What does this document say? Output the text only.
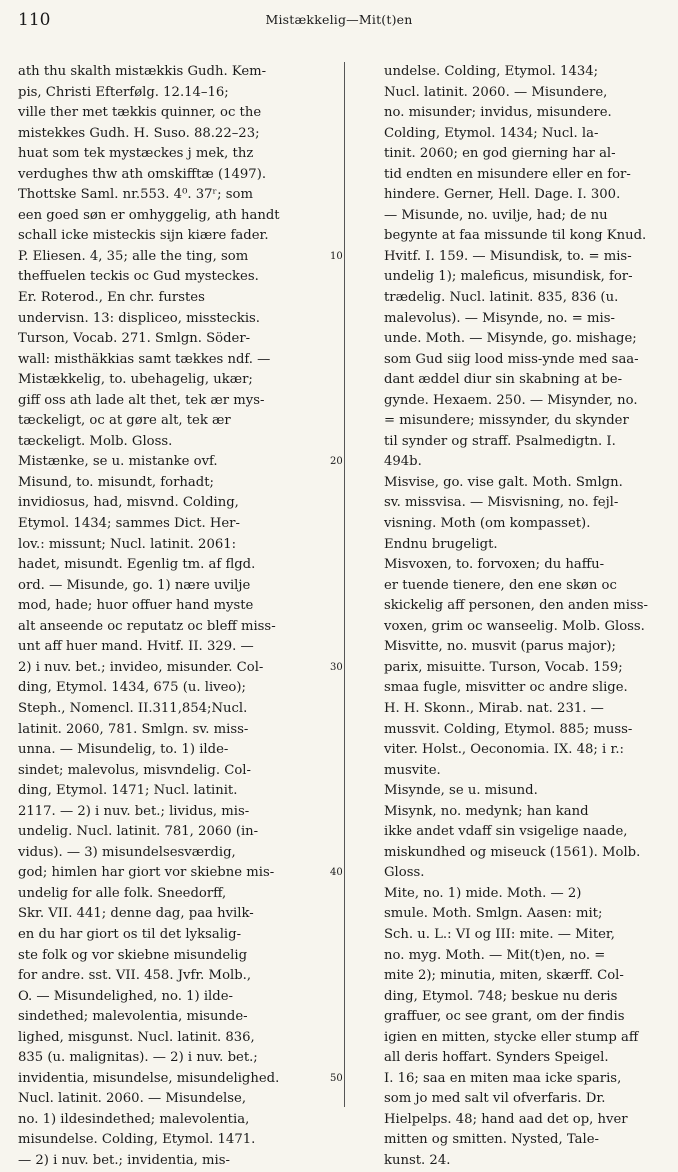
110	Mistækkelig—Mit(t)en
ath thu skalth mistækkis Gudh. Kem-
pis, Christi Efterfølg. 12.14–16;
ville ther met tækkis quinner, oc the
mistekkes Gudh. H. Suso. 88.22–23;
huat som tek mystæckes j mek, thz
verdughes thw ath omskifftæ (1497).
Thottske Saml. nr.553. 4⁰. 37ʳ; som
een goed søn er omhyggelig, ath handt
schall icke misteckis sijn kiære fader.
P. Eliesen. 4, 35; alle the ting, som
theffuelen teckis oc Gud mysteckes.
Er. Roterod., En chr. furstes
undervisn. 13: displiceo, missteckis.
Turson, Vocab. 271. Smlgn. Söder-
wall: misthäkkias samt tækkes ndf. —
Mistækkelig, to. ubehagelig, ukær;
giff oss ath lade alt thet, tek ær mys-
tæckeligt, oc at gøre alt, tek ær
tæckeligt. Molb. Gloss.
Mistænke, se u. mistanke ovf.
Misund, to. misundt, forhadt;
invidiosus, had, misvnd. Colding,
Etymol. 1434; sammes Dict. Her-
lov.: missunt; Nucl. latinit. 2061:
hadet, misundt. Egenlig tm. af flgd.
ord. — Misunde, go. 1) nære uvilje
mod, hade; huor offuer hand myste
alt anseende oc reputatz oc bleff miss-
unt aff huer mand. Hvitf. II. 329. —
2) i nuv. bet.; invideo, misunder. Col-
ding, Etymol. 1434, 675 (u. liveo);
Steph., Nomencl. II.311,854;Nucl.
latinit. 2060, 781. Smlgn. sv. miss-
unna. — Misundelig, to. 1) ilde-
sindet; malevolus, misvndelig. Col-
ding, Etymol. 1471; Nucl. latinit.
2117. — 2) i nuv. bet.; lividus, mis-
undelig. Nucl. latinit. 781, 2060 (in-
vidus). — 3) misundelsesværdig,
god; himlen har giort vor skiebne mis-
undelig for alle folk. Sneedorff,
Skr. VII. 441; denne dag, paa hvilk-
en du har giort os til det lyksalig-
ste folk og vor skiebne misundelig
for andre. sst. VII. 458. Jvfr. Molb.,
O. — Misundelighed, no. 1) ilde-
sindethed; malevolentia, misunde-
lighed, misgunst. Nucl. latinit. 836,
835 (u. malignitas). — 2) i nuv. bet.;
invidentia, misundelse, misundelighed.
Nucl. latinit. 2060. — Misundelse,
no. 1) ildesindethed; malevolentia,
misundelse. Colding, Etymol. 1471.
— 2) i nuv. bet.; invidentia, mis-
undelse. Colding, Etymol. 1434;
Nucl. latinit. 2060. — Misundere,
no. misunder; invidus, misundere.
Colding, Etymol. 1434; Nucl. la-
tinit. 2060; en god gierning har al-
tid endten en misundere eller en for-
hindere. Gerner, Hell. Dage. I. 300.
— Misunde, no. uvilje, had; de nu
begynte at faa missunde til kong Knud.
Hvitf. I. 159. — Misundisk, to. = mis-
undelig 1); maleficus, misundisk, for-
trædelig. Nucl. latinit. 835, 836 (u.
malevolus). — Misynde, no. = mis-
unde. Moth. — Misynde, go. mishage;
som Gud siig lood miss-ynde med saa-
dant æddel diur sin skabning at be-
gynde. Hexaem. 250. — Misynder, no.
= misundere; missynder, du skynder
til synder og straff. Psalmedigtn. I.
494b.
Misvise, go. vise galt. Moth. Smlgn.
sv. missvisa. — Misvisning, no. fejl-
visning. Moth (om kompasset).
Endnu brugeligt.
Misvoxen, to. forvoxen; du haffu-
er tuende tienere, den ene skøn oc
skickelig aff personen, den anden miss-
voxen, grim oc wanseelig. Molb. Gloss.
Misvitte, no. musvit (parus major);
parix, misuitte. Turson, Vocab. 159;
smaa fugle, misvitter oc andre slige.
H. H. Skonn., Mirab. nat. 231. —
mussvit. Colding, Etymol. 885; muss-
viter. Holst., Oeconomia. IX. 48; i r.:
musvite.
Misynde, se u. misund.
Misynk, no. medynk; han kand
ikke andet vdaff sin vsigelige naade,
miskundhed og miseuck (1561). Molb.
Gloss.
Mite, no. 1) mide. Moth. — 2)
smule. Moth. Smlgn. Aasen: mit;
Sch. u. L.: VI og III: mite. — Miter,
no. myg. Moth. — Mit(t)en, no. =
mite 2); minutia, miten, skærff. Col-
ding, Etymol. 748; beskue nu deris
graffuer, oc see grant, om der findis
igien en mitten, stycke eller stump aff
all deris hoffart. Synders Speigel.
I. 16; saa en miten maa icke sparis,
som jo med salt vil ofverfaris. Dr.
Hielpelps. 48; hand aad det op, hver
mitten og smitten. Nysted, Tale-
kunst. 24.
10
20
30
40
50
